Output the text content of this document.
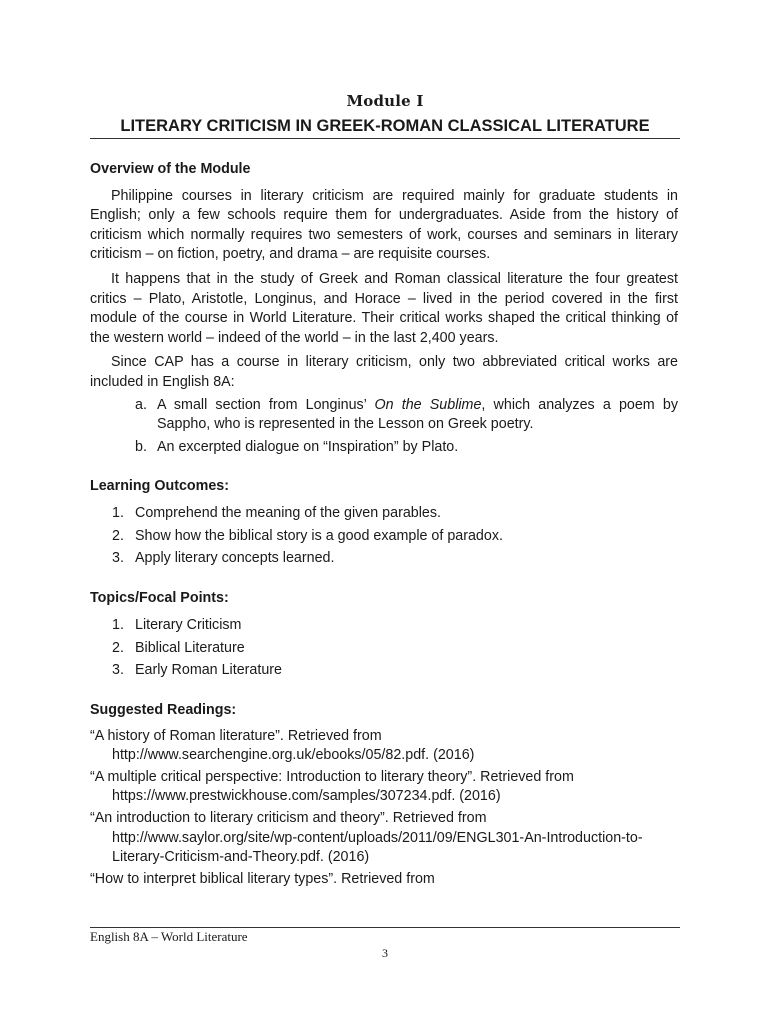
Module I
LITERARY CRITICISM IN GREEK-ROMAN CLASSICAL LITERATURE

Overview of the Module

Philippine courses in literary criticism are required mainly for graduate students in English; only a few schools require them for undergraduates. Aside from the history of criticism which normally requires two semesters of work, courses and seminars in literary criticism – on fiction, poetry, and drama – are requisite courses.

It happens that in the study of Greek and Roman classical literature the four greatest critics – Plato, Aristotle, Longinus, and Horace – lived in the period covered in the first module of the course in World Literature. Their critical works shaped the critical thinking of the western world – indeed of the world – in the last 2,400 years.

Since CAP has a course in literary criticism, only two abbreviated critical works are included in English 8A:

a. A small section from Longinus’ On the Sublime, which analyzes a poem by Sappho, who is represented in the Lesson on Greek poetry.
b. An excerpted dialogue on “Inspiration” by Plato.

Learning Outcomes:

1. Comprehend the meaning of the given parables.
2. Show how the biblical story is a good example of paradox.
3. Apply literary concepts learned.

Topics/Focal Points:

1. Literary Criticism
2. Biblical Literature
3. Early Roman Literature

Suggested Readings:

“A history of Roman literature”. Retrieved from
http://www.searchengine.org.uk/ebooks/05/82.pdf. (2016)
“A multiple critical perspective: Introduction to literary theory”. Retrieved from
https://www.prestwickhouse.com/samples/307234.pdf. (2016)
“An introduction to literary criticism and theory”. Retrieved from
http://www.saylor.org/site/wp-content/uploads/2011/09/ENGL301-An-Introduction-to-Literary-Criticism-and-Theory.pdf. (2016)
“How to interpret biblical literary types”. Retrieved from
English 8A – World Literature
3
